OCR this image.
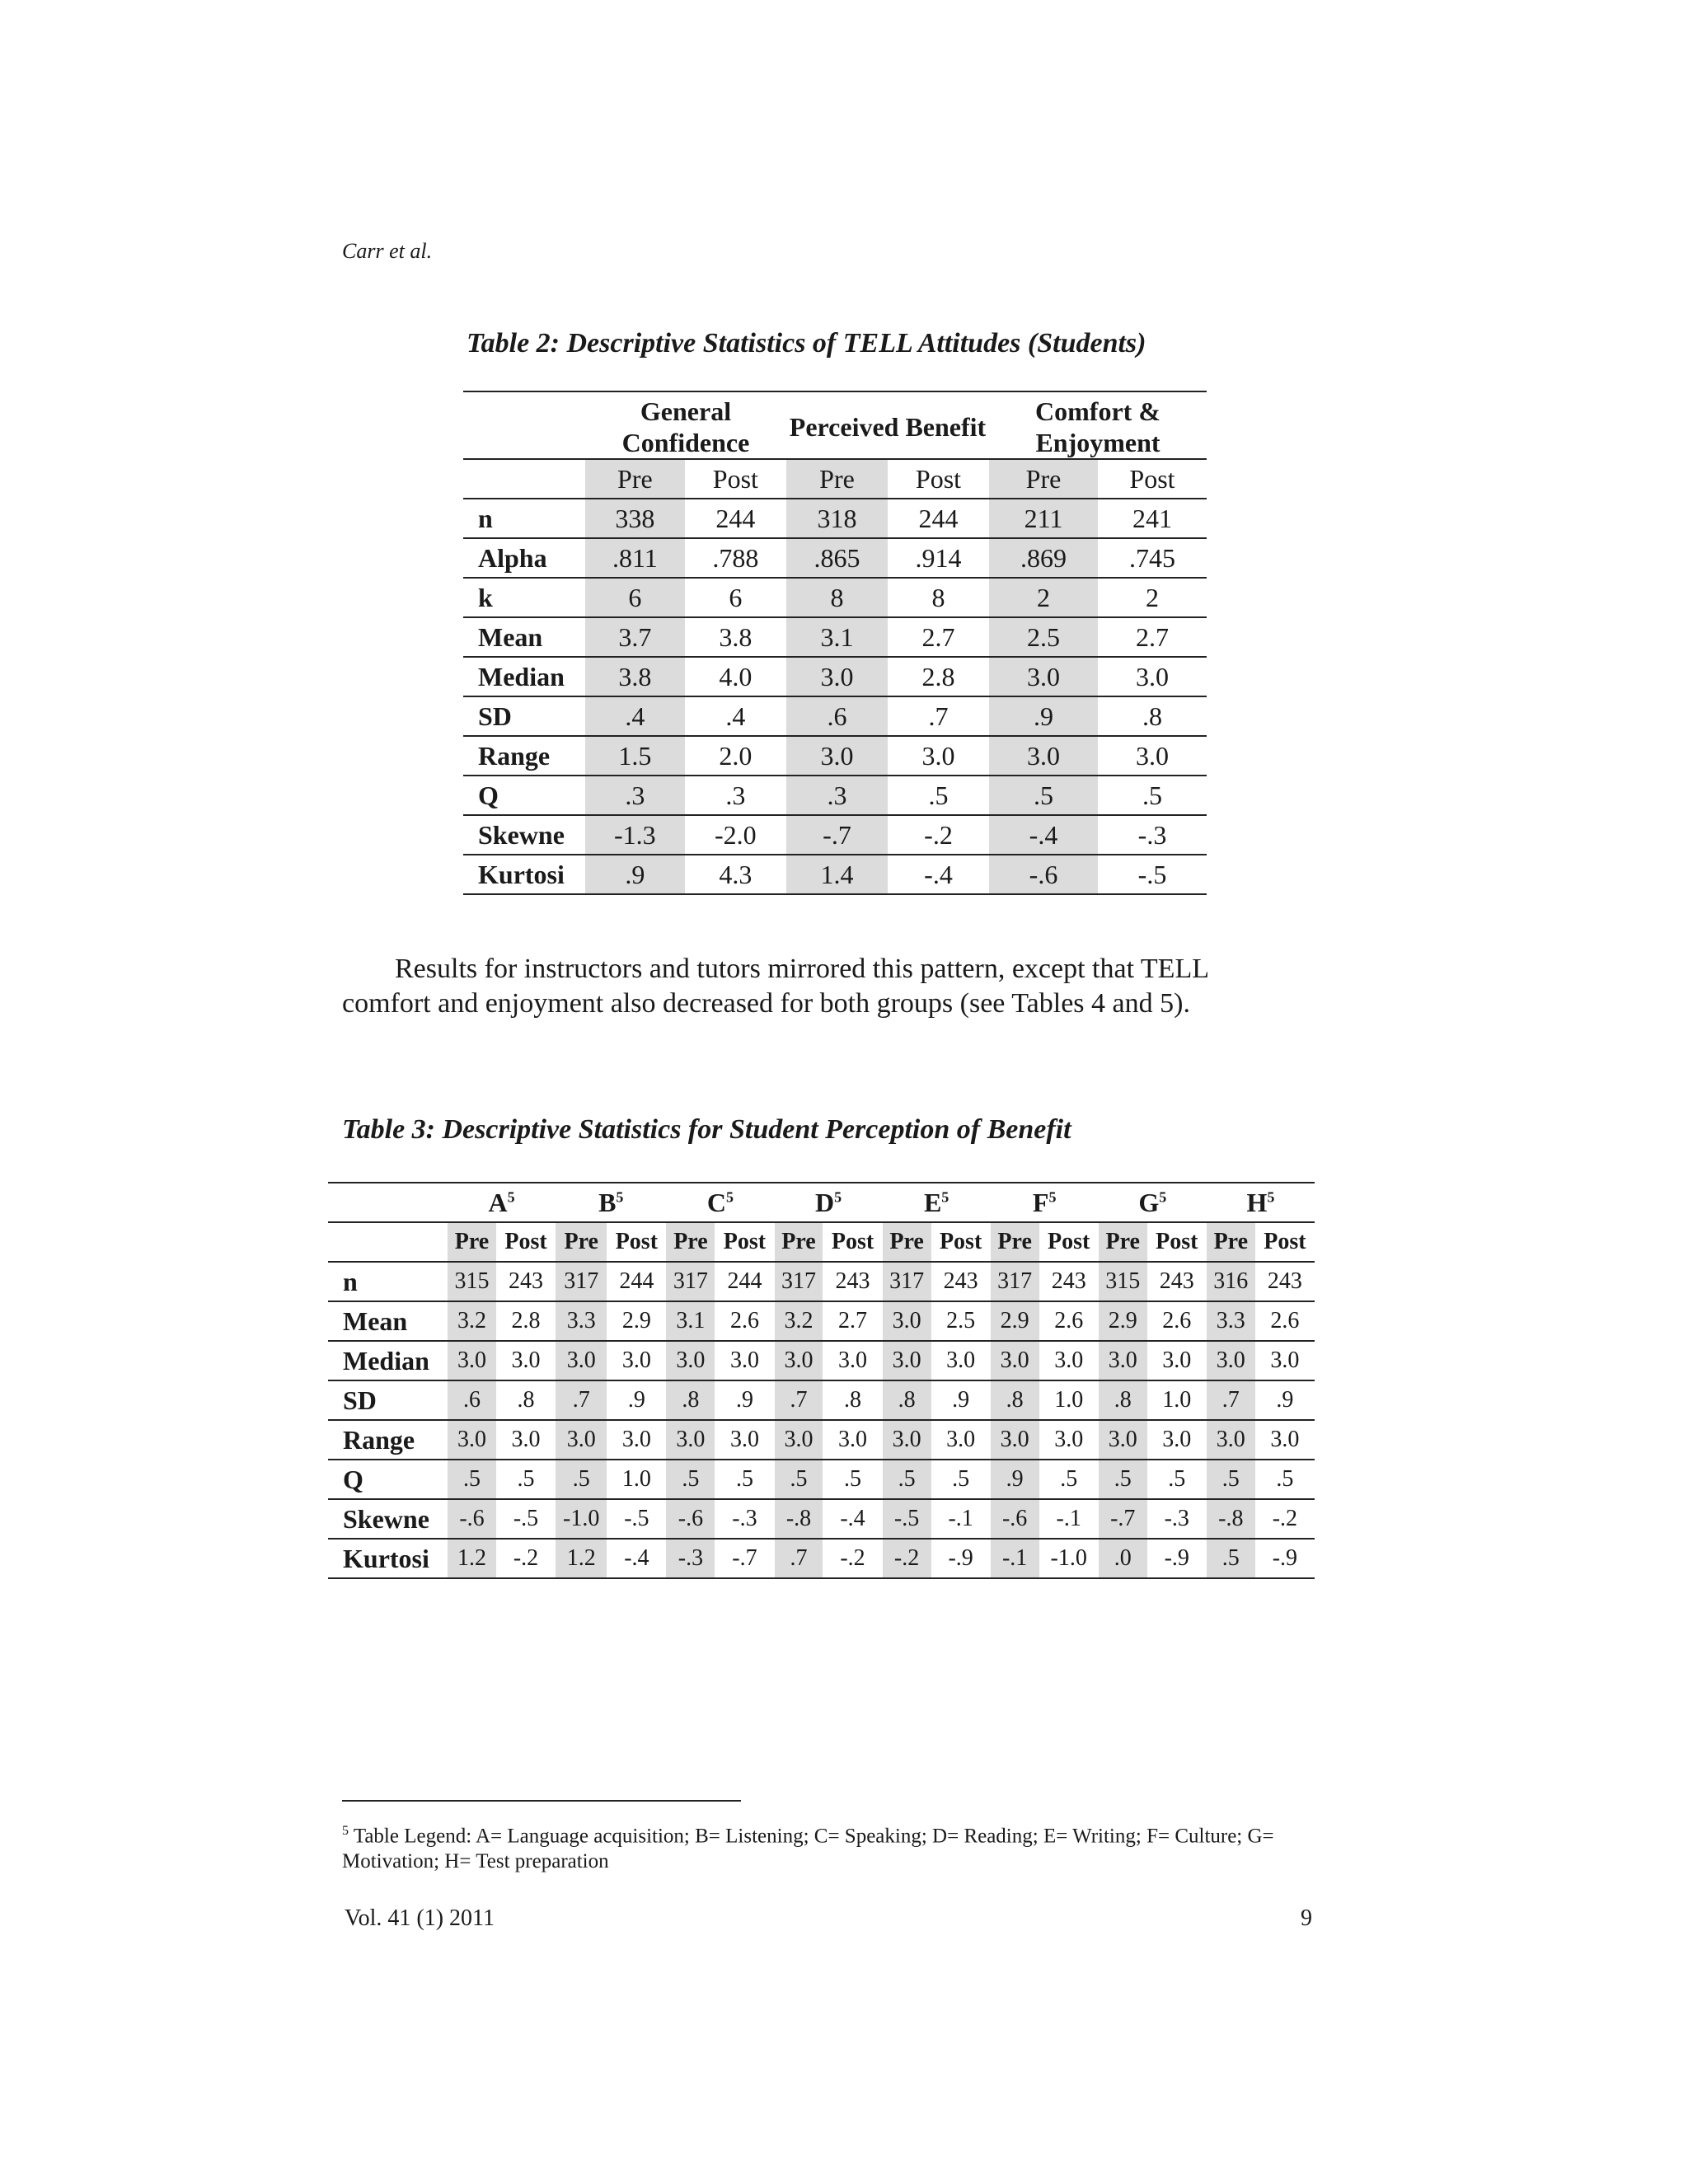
Carr et al.
Table 2: Descriptive Statistics of TELL Attitudes (Students)
	General Confidence		Perceived Benefit		Comfort & Enjoyment	
	Pre	Post	Pre	Post	Pre	Post
n	338	244	318	244	211	241
Alpha	.811	.788	.865	.914	.869	.745
k	6	6	8	8	2	2
Mean	3.7	3.8	3.1	2.7	2.5	2.7
Median	3.8	4.0	3.0	2.8	3.0	3.0
SD	.4	.4	.6	.7	.9	.8
Range	1.5	2.0	3.0	3.0	3.0	3.0
Q	.3	.3	.3	.5	.5	.5
Skewne	-1.3	-2.0	-.7	-.2	-.4	-.3
Kurtosi	.9	4.3	1.4	-.4	-.6	-.5

Results for instructors and tutors mirrored this pattern, except that TELL

comfort and enjoyment also decreased for both groups (see Tables 4 and 5).

Table 3: Descriptive Statistics for Student Perception of Benefit
	$A^5$		$B^5$		$C^5$		$D^5$		$E^5$		$F^5$		$G^5$		$H^5$
	Pre	Post	Pre	Post	Pre	Post	Pre	Post	Pre	Post	Pre	Post	Pre	Post	Pre	Post
n	315	243	317	244	317	244	317	243	317	243	317	243	315	243	316	243
Mean	3.2	2.8	3.3	2.9	3.1	2.6	3.2	2.7	3.0	2.5	2.9	2.6	2.9	2.6	3.3	2.6
Median	3.0	3.0	3.0	3.0	3.0	3.0	3.0	3.0	3.0	3.0	3.0	3.0	3.0	3.0	3.0	3.0
SD	.6	.8	.7	.9	.8	.9	.7	.8	.8	.9	.8	1.0	.8	1.0	.7	.9
Range	3.0	3.0	3.0	3.0	3.0	3.0	3.0	3.0	3.0	3.0	3.0	3.0	3.0	3.0	3.0	3.0
Q	.5	.5	.5	1.0	.5	.5	.5	.5	.5	.5	.9	.5	.5	.5	.5	.5
Skewne	-.6	-.5	-1.0	-.5	-.6	-.3	-.8	-.4	-.5	-.1	-.6	-.1	-.7	-.3	-.8	-.2
Kurtosi	1.2	-.2	1.2	-.4	-.3	-.7	.7	-.2	-.2	-.9	-.1	-1.0	.0	-.9	.5	-.9
$^5$ Table Legend: A= Language acquisition; B= Listening; C= Speaking; D= Reading; E= Writing; F= Culture; G= Motivation; H= Test preparation
Vol. 41 (1) 2011	9
